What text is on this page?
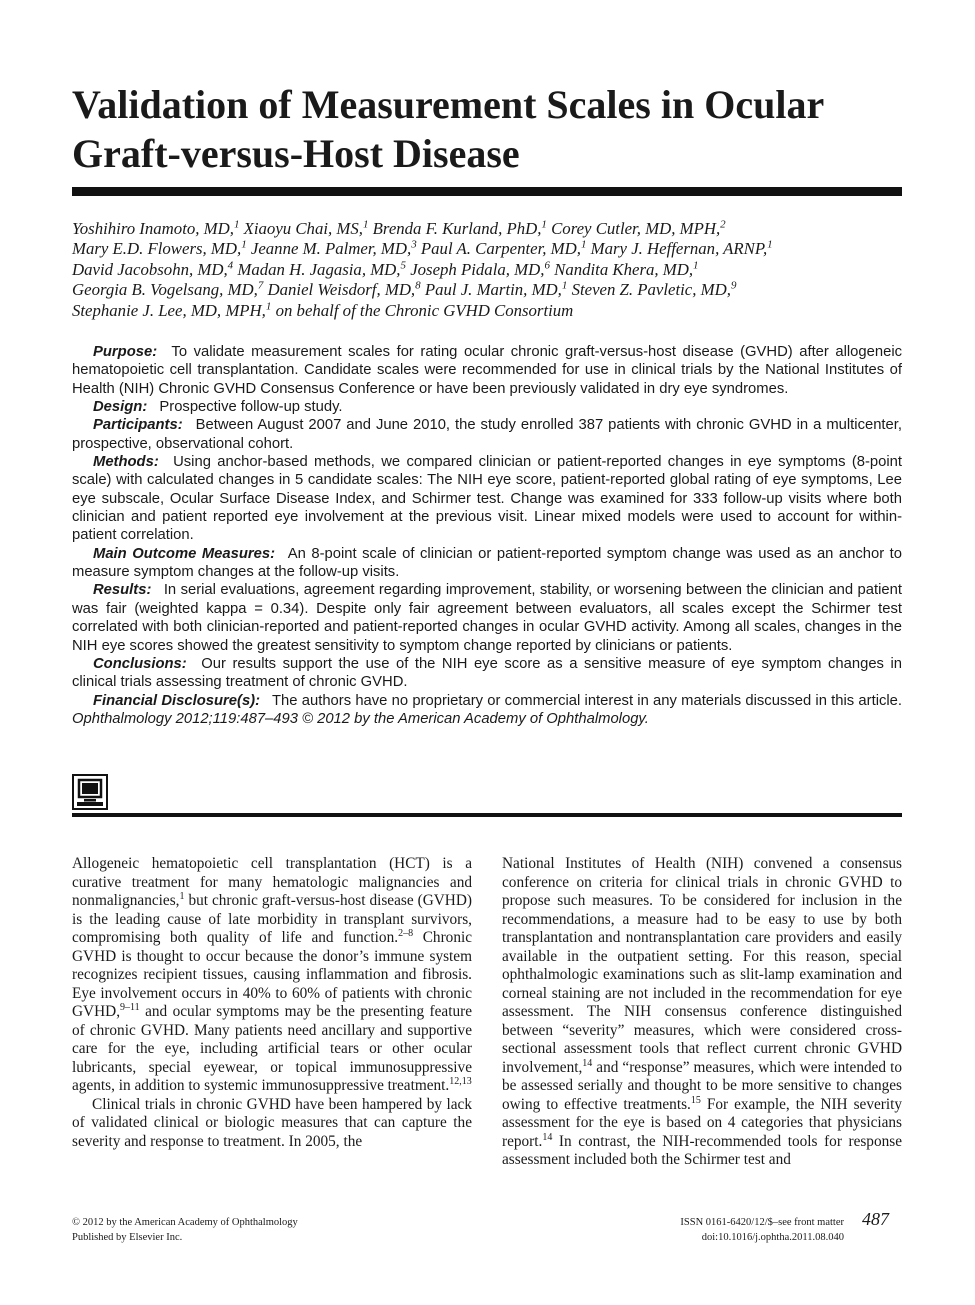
Validation of Measurement Scales in Ocular
Graft-versus-Host Disease
Yoshihiro Inamoto, MD,$^1$ Xiaoyu Chai, MS,$^1$ Brenda F. Kurland, PhD,$^1$ Corey Cutler, MD, MPH,$^2$
Mary E.D. Flowers, MD,$^1$ Jeanne M. Palmer, MD,$^3$ Paul A. Carpenter, MD,$^1$ Mary J. Heffernan, ARNP,$^1$
David Jacobsohn, MD,$^4$ Madan H. Jagasia, MD,$^5$ Joseph Pidala, MD,$^6$ Nandita Khera, MD,$^1$
Georgia B. Vogelsang, MD,$^7$ Daniel Weisdorf, MD,$^8$ Paul J. Martin, MD,$^1$ Steven Z. Pavletic, MD,$^9$
Stephanie J. Lee, MD, MPH,$^1$ on behalf of the Chronic GVHD Consortium

Purpose: To validate measurement scales for rating ocular chronic graft-versus-host disease (GVHD) after allogeneic hematopoietic cell transplantation. Candidate scales were recommended for use in clinical trials by the National Institutes of Health (NIH) Chronic GVHD Consensus Conference or have been previously validated in dry eye syndromes.

Design: Prospective follow-up study.

Participants: Between August 2007 and June 2010, the study enrolled 387 patients with chronic GVHD in a multicenter, prospective, observational cohort.

Methods: Using anchor-based methods, we compared clinician or patient-reported changes in eye symptoms (8-point scale) with calculated changes in 5 candidate scales: The NIH eye score, patient-reported global rating of eye symptoms, Lee eye subscale, Ocular Surface Disease Index, and Schirmer test. Change was examined for 333 follow-up visits where both clinician and patient reported eye involvement at the previous visit. Linear mixed models were used to account for within-patient correlation.

Main Outcome Measures: An 8-point scale of clinician or patient-reported symptom change was used as an anchor to measure symptom changes at the follow-up visits.

Results: In serial evaluations, agreement regarding improvement, stability, or worsening between the clinician and patient was fair (weighted kappa = 0.34). Despite only fair agreement between evaluators, all scales except the Schirmer test correlated with both clinician-reported and patient-reported changes in ocular GVHD activity. Among all scales, changes in the NIH eye scores showed the greatest sensitivity to symptom change reported by clinicians or patients.

Conclusions: Our results support the use of the NIH eye score as a sensitive measure of eye symptom changes in clinical trials assessing treatment of chronic GVHD.

Financial Disclosure(s): The authors have no proprietary or commercial interest in any materials discussed in this article. Ophthalmology 2012;119:487–493 © 2012 by the American Academy of Ophthalmology.

Allogeneic hematopoietic cell transplantation (HCT) is a curative treatment for many hematologic malignancies and nonmalignancies,$^1$ but chronic graft-versus-host disease (GVHD) is the leading cause of late morbidity in transplant survivors, compromising both quality of life and function.$^{2-8}$ Chronic GVHD is thought to occur because the donor’s immune system recognizes recipient tissues, causing inflammation and fibrosis. Eye involvement occurs in 40% to 60% of patients with chronic GVHD,$^{9-11}$ and ocular symptoms may be the presenting feature of chronic GVHD. Many patients need ancillary and supportive care for the eye, including artificial tears or other ocular lubricants, special eyewear, or topical immunosuppressive agents, in addition to systemic immunosuppressive treatment.$^{12,13}$

Clinical trials in chronic GVHD have been hampered by lack of validated clinical or biologic measures that can capture the severity and response to treatment. In 2005, the

National Institutes of Health (NIH) convened a consensus conference on criteria for clinical trials in chronic GVHD to propose such measures. To be considered for inclusion in the recommendations, a measure had to be easy to use by both transplantation and nontransplantation care providers and easily available in the outpatient setting. For this reason, special ophthalmologic examinations such as slit-lamp examination and corneal staining are not included in the recommendation for eye assessment. The NIH consensus conference distinguished between “severity” measures, which were considered cross-sectional assessment tools that reflect current chronic GVHD involvement,$^{14}$ and “response” measures, which were intended to be assessed serially and thought to be more sensitive to changes owing to effective treatments.$^{15}$ For example, the NIH severity assessment for the eye is based on 4 categories that physicians report.$^{14}$ In contrast, the NIH-recommended tools for response assessment included both the Schirmer test and

© 2012 by the American Academy of Ophthalmology
Published by Elsevier Inc.
ISSN 0161-6420/12/$–see front matter
doi:10.1016/j.ophtha.2011.08.040
487
